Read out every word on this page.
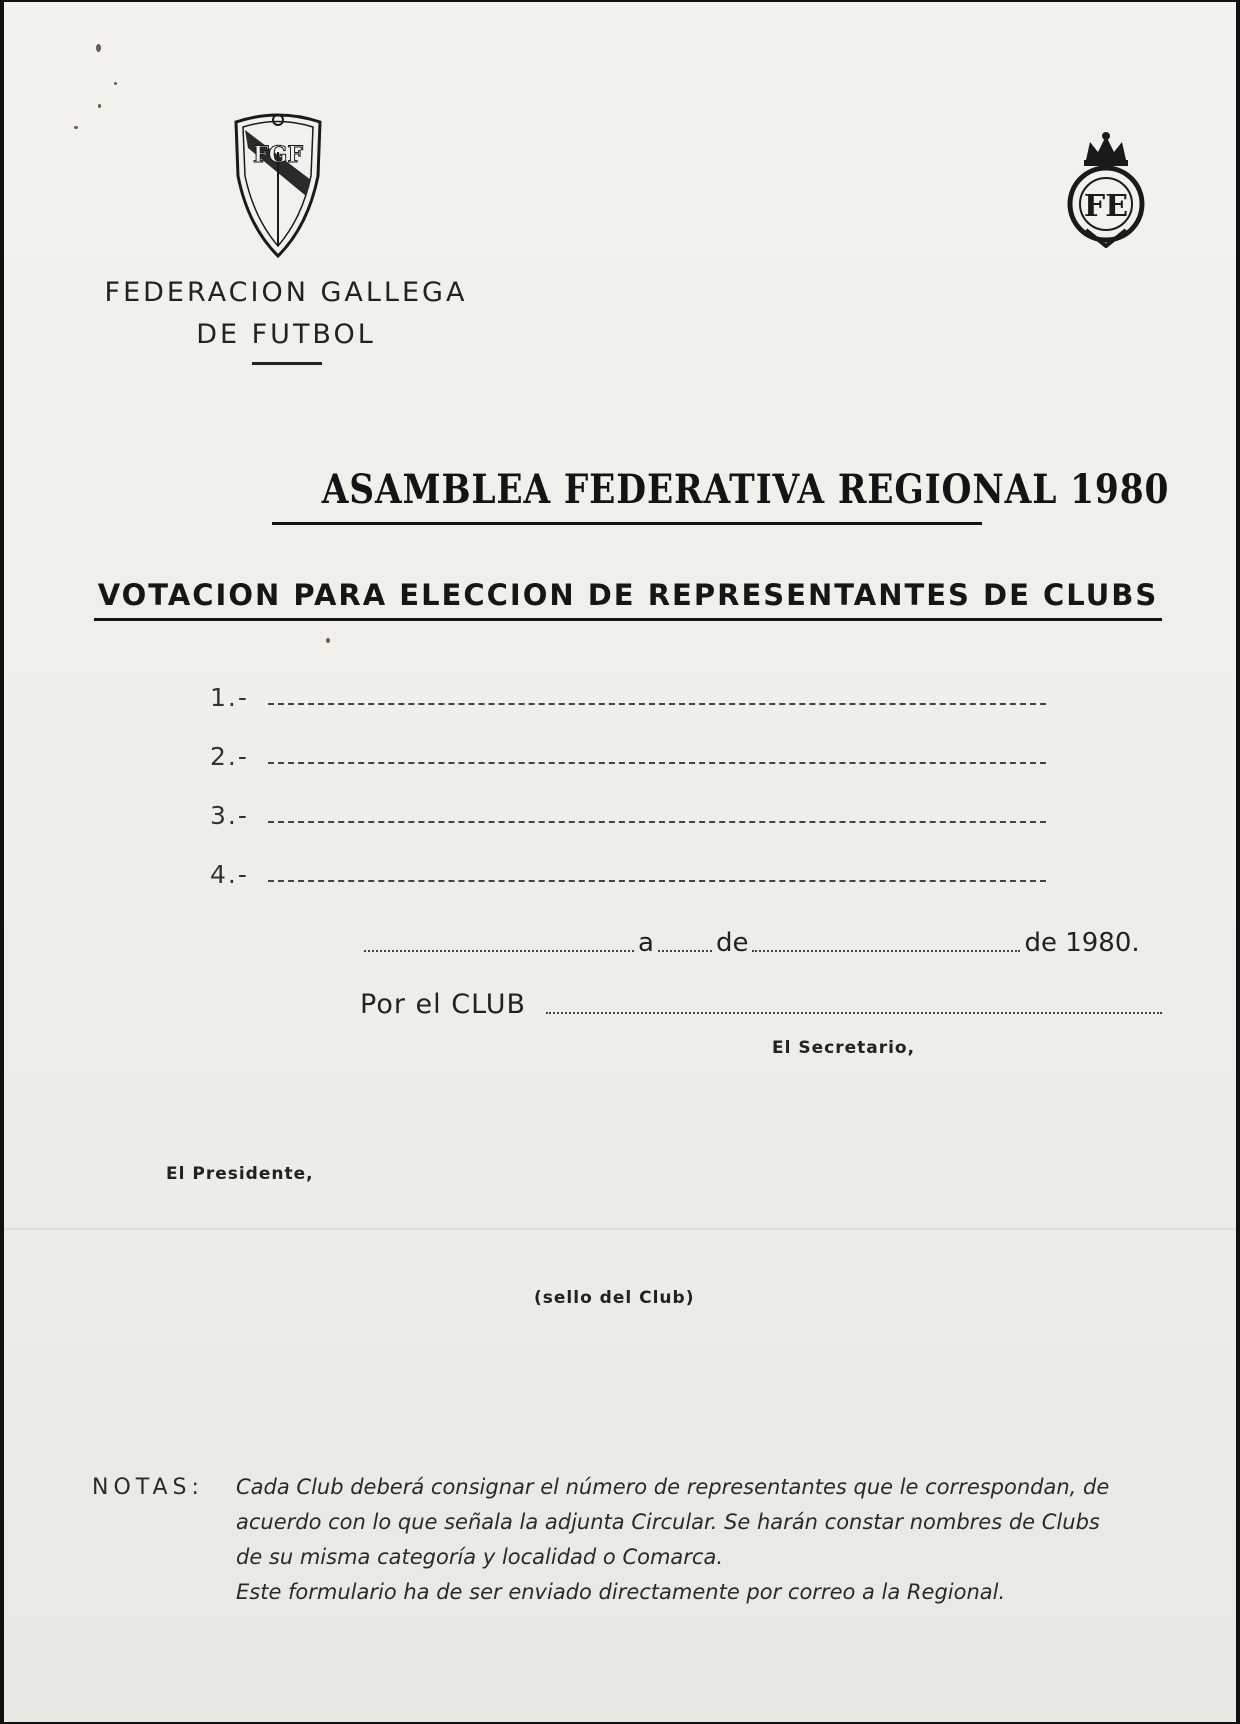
FGF
FE
FEDERACION GALLEGA
DE FUTBOL
ASAMBLEA FEDERATIVA REGIONAL 1980
VOTACION PARA ELECCION DE REPRESENTANTES DE CLUBS
1.-
2.-
3.-
4.-
a de	de 1980.
Por el CLUB
El Secretario,
El Presidente,
(sello del Club)
NOTAS: Cada Club deberá consignar el número de representantes que le correspondan, de
acuerdo con lo que señala la adjunta Circular. Se harán constar nombres de Clubs
de su misma categoría y localidad o Comarca.
Este formulario ha de ser enviado directamente por correo a la Regional.
